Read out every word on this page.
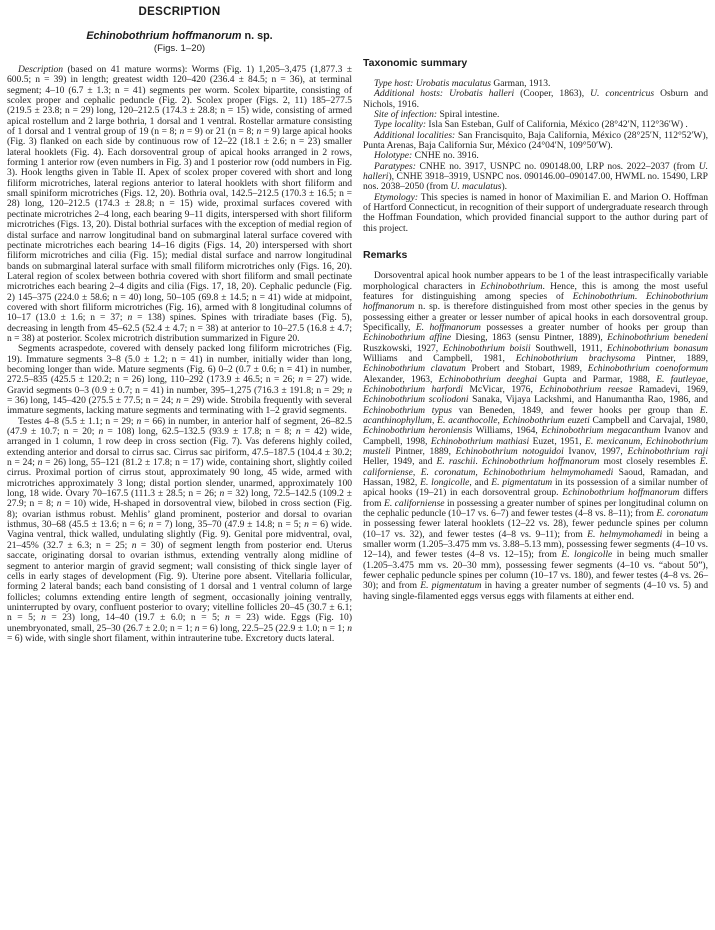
DESCRIPTION
Echinobothrium hoffmanorum n. sp.
(Figs. 1–20)

Description (based on 41 mature worms): Worms (Fig. 1) 1,205–3,475 (1,877.3 ± 600.5; n = 39) in length; greatest width 120–420 (236.4 ± 84.5; n = 36), at terminal segment; 4–10 (6.7 ± 1.3; n = 41) segments per worm. Scolex bipartite, consisting of scolex proper and cephalic peduncle (Fig. 2). Scolex proper (Figs. 2, 11) 185–277.5 (219.5 ± 23.8; n = 29) long, 120–212.5 (174.3 ± 28.8; n = 15) wide, consisting of armed apical rostellum and 2 large bothria, 1 dorsal and 1 ventral. Rostellar armature consisting of 1 dorsal and 1 ventral group of 19 (n = 8; n = 9) or 21 (n = 8; n = 9) large apical hooks (Fig. 3) flanked on each side by continuous row of 12–22 (18.1 ± 2.6; n = 23) smaller lateral hooklets (Fig. 4). Each dorsoventral group of apical hooks arranged in 2 rows, forming 1 anterior row (even numbers in Fig. 3) and 1 posterior row (odd numbers in Fig. 3). Hook lengths given in Table II. Apex of scolex proper covered with short and long filiform microtriches, lateral regions anterior to lateral hooklets with short filiform and small spiniform microtriches (Figs. 12, 20). Bothria oval, 142.5–212.5 (170.3 ± 16.5; n = 28) long, 120–212.5 (174.3 ± 28.8; n = 15) wide, proximal surfaces covered with pectinate microtriches 2–4 long, each bearing 9–11 digits, interspersed with short filiform microtriches (Figs. 13, 20). Distal bothrial surfaces with the exception of medial region of distal surface and narrow longitudinal band on submarginal lateral surface covered with pectinate microtriches each bearing 14–16 digits (Figs. 14, 20) interspersed with short filiform microtriches and cilia (Fig. 15); medial distal surface and narrow longitudinal bands on submarginal lateral surface with small filiform microtriches only (Figs. 16, 20). Lateral region of scolex between bothria covered with short filiform and small pectinate microtriches each bearing 2–4 digits and cilia (Figs. 17, 18, 20). Cephalic peduncle (Fig. 2) 145–375 (224.0 ± 58.6; n = 40) long, 50–105 (69.8 ± 14.5; n = 41) wide at midpoint, covered with short filiform microtriches (Fig. 16), armed with 8 longitudinal columns of 10–17 (13.0 ± 1.6; n = 37; n = 138) spines. Spines with triradiate bases (Fig. 5), decreasing in length from 45–62.5 (52.4 ± 4.7; n = 38) at anterior to 10–27.5 (16.8 ± 4.7; n = 38) at posterior. Scolex microtrich distribution summarized in Figure 20.

Segments acraspedote, covered with densely packed long filiform microtriches (Fig. 19). Immature segments 3–8 (5.0 ± 1.2; n = 41) in number, initially wider than long, becoming longer than wide. Mature segments (Fig. 6) 0–2 (0.7 ± 0.6; n = 41) in number, 272.5–835 (425.5 ± 120.2; n = 26) long, 110–292 (173.9 ± 46.5; n = 26; n = 27) wide. Gravid segments 0–3 (0.9 ± 0.7; n = 41) in number, 395–1,275 (716.3 ± 191.8; n = 29; n = 36) long, 145–420 (275.5 ± 77.5; n = 24; n = 29) wide. Strobila frequently with several immature segments, lacking mature segments and terminating with 1–2 gravid segments.

Testes 4–8 (5.5 ± 1.1; n = 29; n = 66) in number, in anterior half of segment, 26–82.5 (47.9 ± 10.7; n = 20; n = 108) long, 62.5–132.5 (93.9 ± 17.8; n = 8; n = 42) wide, arranged in 1 column, 1 row deep in cross section (Fig. 7). Vas deferens highly coiled, extending anterior and dorsal to cirrus sac. Cirrus sac piriform, 47.5–187.5 (104.4 ± 30.2; n = 24; n = 26) long, 55–121 (81.2 ± 17.8; n = 17) wide, containing short, slightly coiled cirrus. Proximal portion of cirrus stout, approximately 90 long, 45 wide, armed with microtriches approximately 3 long; distal portion slender, unarmed, approximately 100 long, 18 wide. Ovary 70–167.5 (111.3 ± 28.5; n = 26; n = 32) long, 72.5–142.5 (109.2 ± 27.9; n = 8; n = 10) wide, H-shaped in dorsoventral view, bilobed in cross section (Fig. 8); ovarian isthmus robust. Mehlis’ gland prominent, posterior and dorsal to ovarian isthmus, 30–68 (45.5 ± 13.6; n = 6; n = 7) long, 35–70 (47.9 ± 14.8; n = 5; n = 6) wide. Vagina ventral, thick walled, undulating slightly (Fig. 9). Genital pore midventral, oval, 21–45% (32.7 ± 6.3; n = 25; n = 30) of segment length from posterior end. Uterus saccate, originating dorsal to ovarian isthmus, extending ventrally along midline of segment to anterior margin of gravid segment; wall consisting of thick single layer of cells in early stages of development (Fig. 9). Uterine pore absent. Vitellaria follicular, forming 2 lateral bands; each band consisting of 1 dorsal and 1 ventral column of large follicles; columns extending entire length of segment, occasionally joining ventrally, uninterrupted by ovary, confluent posterior to ovary; vitelline follicles 20–45 (30.7 ± 6.1; n = 5; n = 23) long, 14–40 (19.7 ± 6.0; n = 5; n = 23) wide. Eggs (Fig. 10) unembryonated, small, 25–30 (26.7 ± 2.0; n = 1; n = 6) long, 22.5–25 (22.9 ± 1.0; n = 1; n = 6) wide, with single short filament, within intrauterine tube. Excretory ducts lateral.

Taxonomic summary

Type host: Urobatis maculatus Garman, 1913.

Additional hosts: Urobatis halleri (Cooper, 1863), U. concentricus Osburn and Nichols, 1916.

Site of infection: Spiral intestine.

Type locality: Isla San Esteban, Gulf of California, México (28°42′N, 112°36′W) .

Additional localities: San Francisquito, Baja California, México (28°25′N, 112°52′W), Punta Arenas, Baja California Sur, México (24°04′N, 109°50′W).

Holotype: CNHE no. 3916.

Paratypes: CNHE no. 3917, USNPC no. 090148.00, LRP nos. 2022–2037 (from U. halleri), CNHE 3918–3919, USNPC nos. 090146.00–090147.00, HWML no. 15490, LRP nos. 2038–2050 (from U. maculatus).

Etymology: This species is named in honor of Maximilian E. and Marion O. Hoffman of Hartford Connecticut, in recognition of their support of undergraduate research through the Hoffman Foundation, which provided financial support to the author during part of this project.

Remarks

Dorsoventral apical hook number appears to be 1 of the least intraspecifically variable morphological characters in Echinobothrium. Hence, this is among the most useful features for distinguishing among species of Echinobothrium. Echinobothrium hoffmanorum n. sp. is therefore distinguished from most other species in the genus by possessing either a greater or lesser number of apical hooks in each dorsoventral group. Specifically, E. hoffmanorum possesses a greater number of hooks per group than Echinobothrium affine Diesing, 1863 (sensu Pintner, 1889), Echinobothrium benedeni Ruszkowski, 1927, Echinobothrium boisii Southwell, 1911, Echinobothrium bonasum Williams and Campbell, 1981, Echinobothrium brachysoma Pintner, 1889, Echinobothrium clavatum Probert and Stobart, 1989, Echinobothrium coenoformum Alexander, 1963, Echinobothrium deeghai Gupta and Parmar, 1988, E. fautleyae, Echinobothrium harfordi McVicar, 1976, Echinobothrium reesae Ramadevi, 1969, Echinobothrium scoliodoni Sanaka, Vijaya Lackshmi, and Hanumantha Rao, 1986, and Echinobothrium typus van Beneden, 1849, and fewer hooks per group than E. acanthinophyllum, E. acanthocolle, Echinobothrium euzeti Campbell and Carvajal, 1980, Echinobothrium heroniensis Williams, 1964, Echinobothrium megacanthum Ivanov and Campbell, 1998, Echinobothrium mathiasi Euzet, 1951, E. mexicanum, Echinobothrium musteli Pintner, 1889, Echinobothrium notoguidoi Ivanov, 1997, Echinobothrium raji Heller, 1949, and E. raschii. Echinobothrium hoffmanorum most closely resembles E. californiense, E. coronatum, Echinobothrium helmymohamedi Saoud, Ramadan, and Hassan, 1982, E. longicolle, and E. pigmentatum in its possession of a similar number of apical hooks (19–21) in each dorsoventral group. Echinobothrium hoffmanorum differs from E. californiense in possessing a greater number of spines per longitudinal column on the cephalic peduncle (10–17 vs. 6–7) and fewer testes (4–8 vs. 8–11); from E. coronatum in possessing fewer lateral hooklets (12–22 vs. 28), fewer peduncle spines per column (10–17 vs. 32), and fewer testes (4–8 vs. 9–11); from E. helmymohamedi in being a smaller worm (1.205–3.475 mm vs. 3.88–5.13 mm), possessing fewer segments (4–10 vs. 12–14), and fewer testes (4–8 vs. 12–15); from E. longicolle in being much smaller (1.205–3.475 mm vs. 20–30 mm), possessing fewer segments (4–10 vs. “about 50”), fewer cephalic peduncle spines per column (10–17 vs. 180), and fewer testes (4–8 vs. 26–30); and from E. pigmentatum in having a greater number of segments (4–10 vs. 5) and having single-filamented eggs versus eggs with filaments at either end.
